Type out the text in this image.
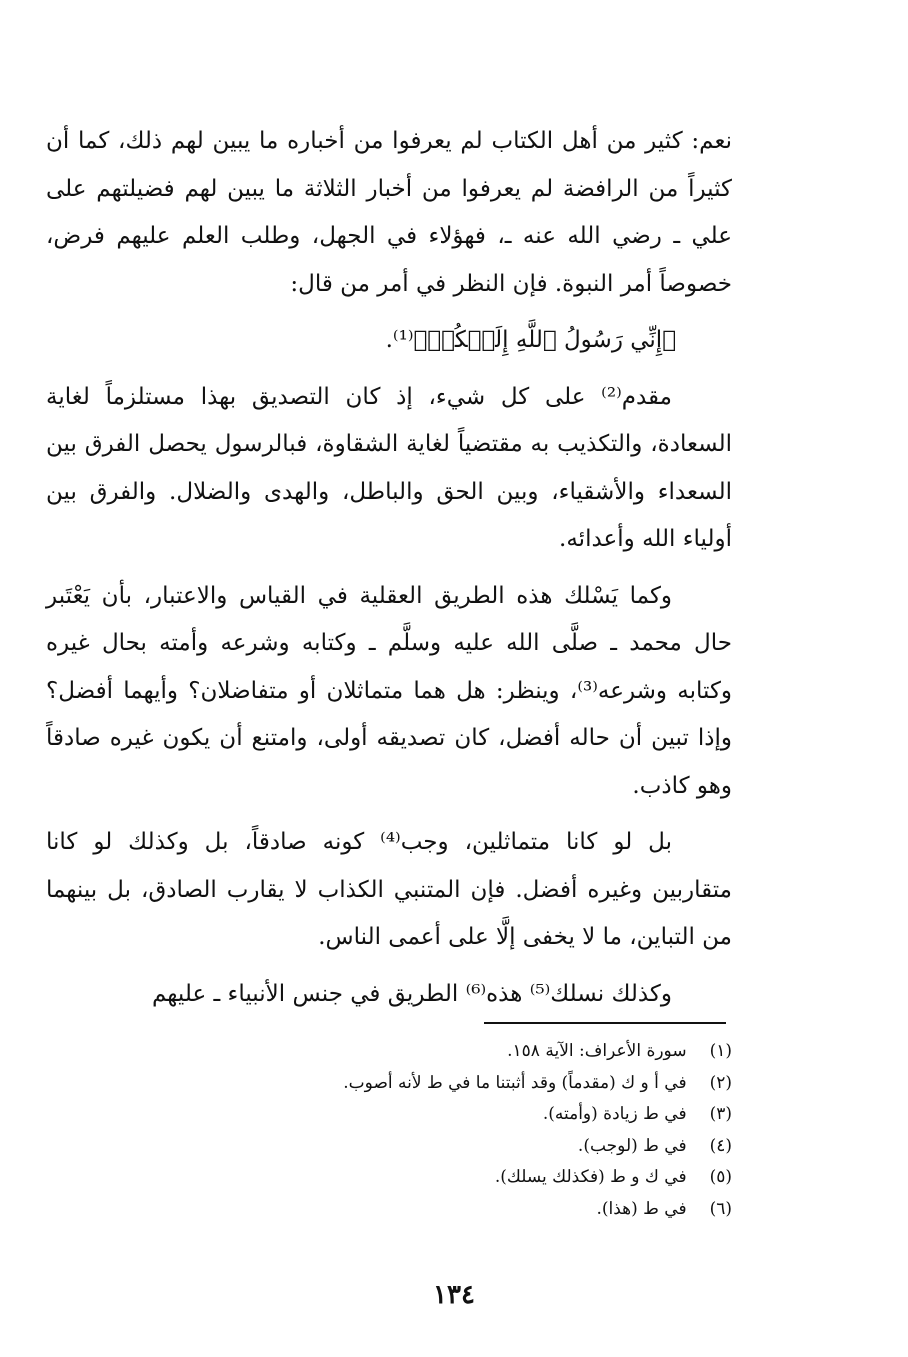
نعم: كثير من أهل الكتاب لم يعرفوا من أخباره ما يبين لهم ذلك، كما أن كثيراً من الرافضة لم يعرفوا من أخبار الثلاثة ما يبين لهم فضيلتهم على علي ـ رضي الله عنه ـ، فهؤلاء في الجهل، وطلب العلم عليهم فرض، خصوصاً أمر النبوة. فإن النظر في أمر من قال:

﴿إِنِّي رَسُولُ ٱللَّهِ إِلَيۡكُمۡ﴾⁽¹⁾.

مقدم⁽²⁾ على كل شيء، إذ كان التصديق بهذا مستلزماً لغاية السعادة، والتكذيب به مقتضياً لغاية الشقاوة، فبالرسول يحصل الفرق بين السعداء والأشقياء، وبين الحق والباطل، والهدى والضلال. والفرق بين أولياء الله وأعدائه.

وكما يَسْلك هذه الطريق العقلية في القياس والاعتبار، بأن يَعْتَبر حال محمد ـ صلَّى الله عليه وسلَّم ـ وكتابه وشرعه وأمته بحال غيره وكتابه وشرعه⁽³⁾، وينظر: هل هما متماثلان أو متفاضلان؟ وأيهما أفضل؟ وإذا تبين أن حاله أفضل، كان تصديقه أولى، وامتنع أن يكون غيره صادقاً وهو كاذب.

بل لو كانا متماثلين، وجب⁽⁴⁾ كونه صادقاً، بل وكذلك لو كانا متقاربين وغيره أفضل. فإن المتنبي الكذاب لا يقارب الصادق، بل بينهما من التباين، ما لا يخفى إلَّا على أعمى الناس.

وكذلك نسلك⁽⁵⁾ هذه⁽⁶⁾ الطريق في جنس الأنبياء ـ عليهم

(١) سورة الأعراف: الآية ١٥٨.
(٢) في أ و ك (مقدماً) وقد أثبتنا ما في ط لأنه أصوب.
(٣) في ط زيادة (وأمته).
(٤) في ط (لوجب).
(٥) في ك و ط (فكذلك يسلك).
(٦) في ط (هذا).
١٣٤
